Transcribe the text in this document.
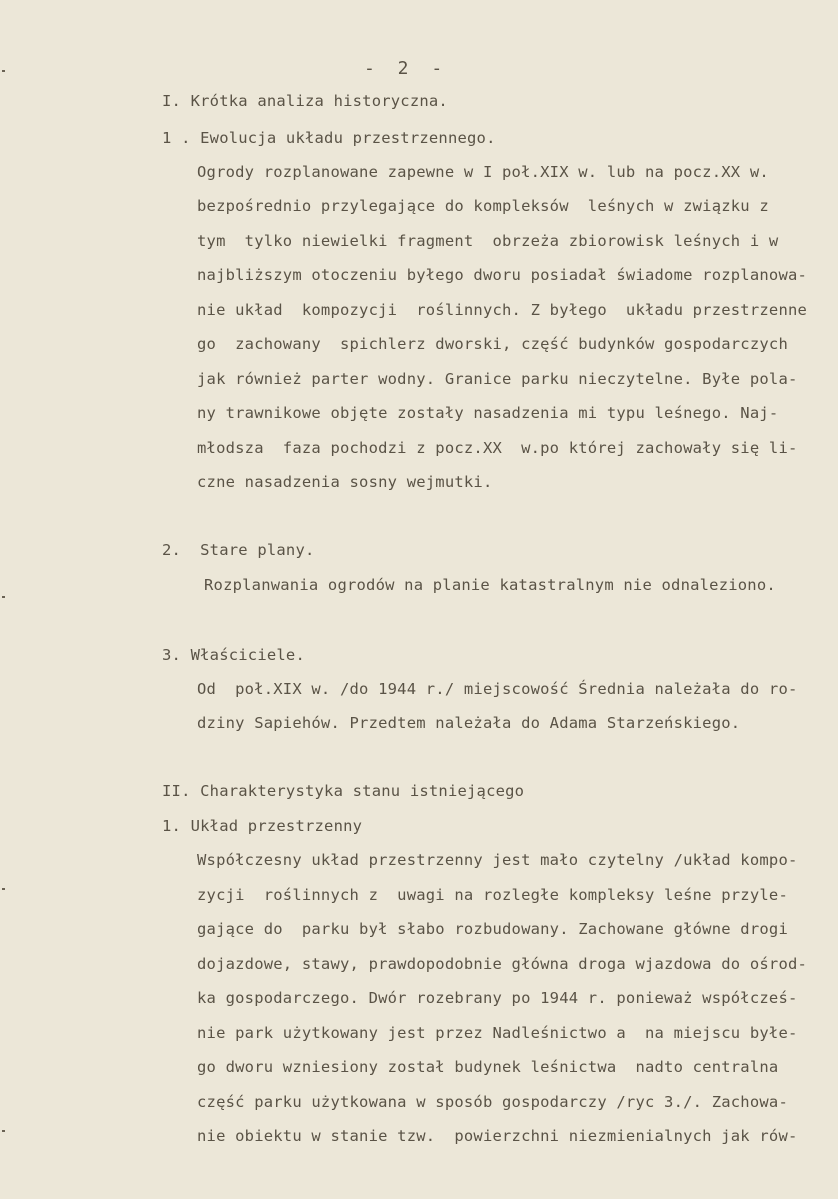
- 2 -
I. Krótka analiza historyczna.
1 . Ewolucja układu przestrzennego.
Ogrody rozplanowane zapewne w I poł.XIX w. lub na pocz.XX w.
bezpośrednio przylegające do kompleksów  leśnych w związku z
tym  tylko niewielki fragment  obrzeża zbiorowisk leśnych i w
najbliższym otoczeniu byłego dworu posiadał świadome rozplanowa-
nie układ  kompozycji  roślinnych. Z byłego  układu przestrzenne
go  zachowany  spichlerz dworski, część budynków gospodarczych
jak również parter wodny. Granice parku nieczytelne. Byłe pola-
ny trawnikowe objęte zostały nasadzenia mi typu leśnego. Naj-
młodsza  faza pochodzi z pocz.XX  w.po której zachowały się li-
czne nasadzenia sosny wejmutki.
2.  Stare plany.
Rozplanwania ogrodów na planie katastralnym nie odnaleziono.
3. Właściciele.
Od  poł.XIX w. /do 1944 r./ miejscowość Średnia należała do ro-
dziny Sapiehów. Przedtem należała do Adama Starzeńskiego.
II. Charakterystyka stanu istniejącego
1. Układ przestrzenny
Współczesny układ przestrzenny jest mało czytelny /układ kompo-
zycji  roślinnych z  uwagi na rozległe kompleksy leśne przyle-
gające do  parku był słabo rozbudowany. Zachowane główne drogi
dojazdowe, stawy, prawdopodobnie główna droga wjazdowa do ośrod-
ka gospodarczego. Dwór rozebrany po 1944 r. ponieważ współcześ-
nie park użytkowany jest przez Nadleśnictwo a  na miejscu byłe-
go dworu wzniesiony został budynek leśnictwa  nadto centralna
część parku użytkowana w sposób gospodarczy /ryc 3./. Zachowa-
nie obiektu w stanie tzw.  powierzchni niezmienialnych jak rów-
